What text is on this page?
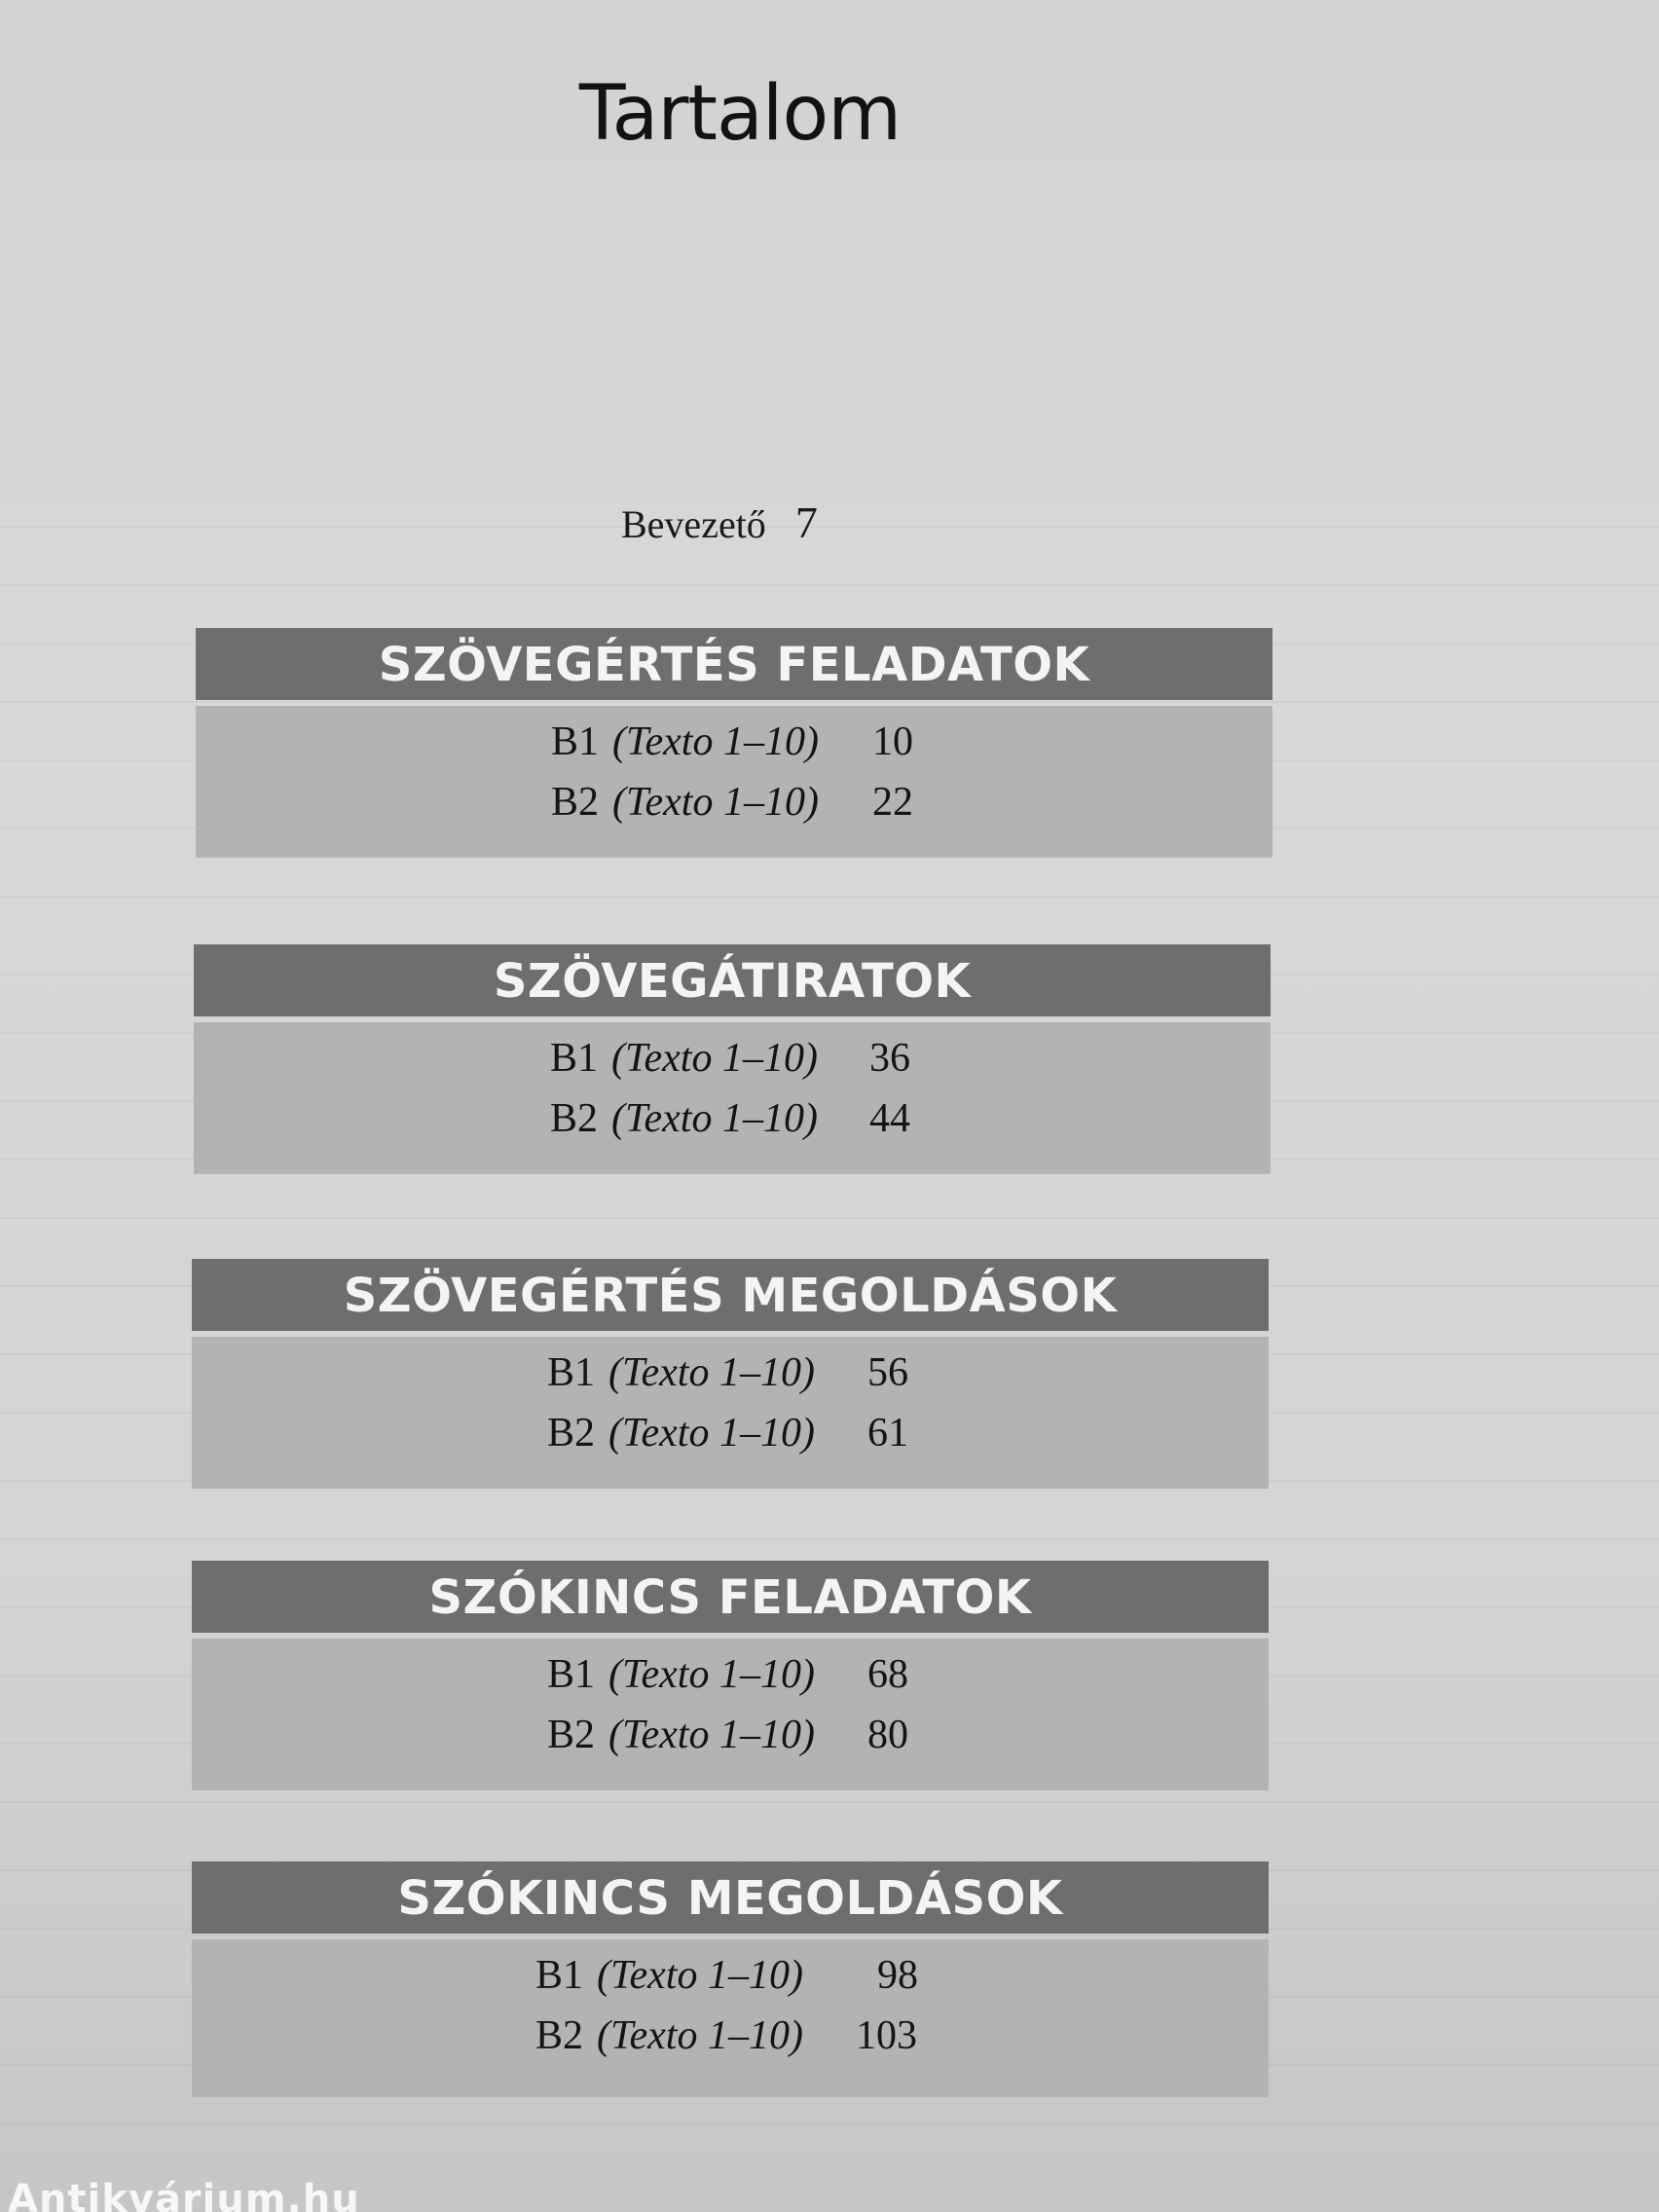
Tartalom
Bevezető 7
SZÖVEGÉRTÉS FELADATOK
B1 (Texto 1–10) 10
B2 (Texto 1–10) 22
SZÖVEGÁTIRATOK
B1 (Texto 1–10) 36
B2 (Texto 1–10) 44
SZÖVEGÉRTÉS MEGOLDÁSOK
B1 (Texto 1–10) 56
B2 (Texto 1–10) 61
SZÓKINCS FELADATOK
B1 (Texto 1–10) 68
B2 (Texto 1–10) 80
SZÓKINCS MEGOLDÁSOK
B1 (Texto 1–10) 98
B2 (Texto 1–10) 103
Antikvárium.hu
